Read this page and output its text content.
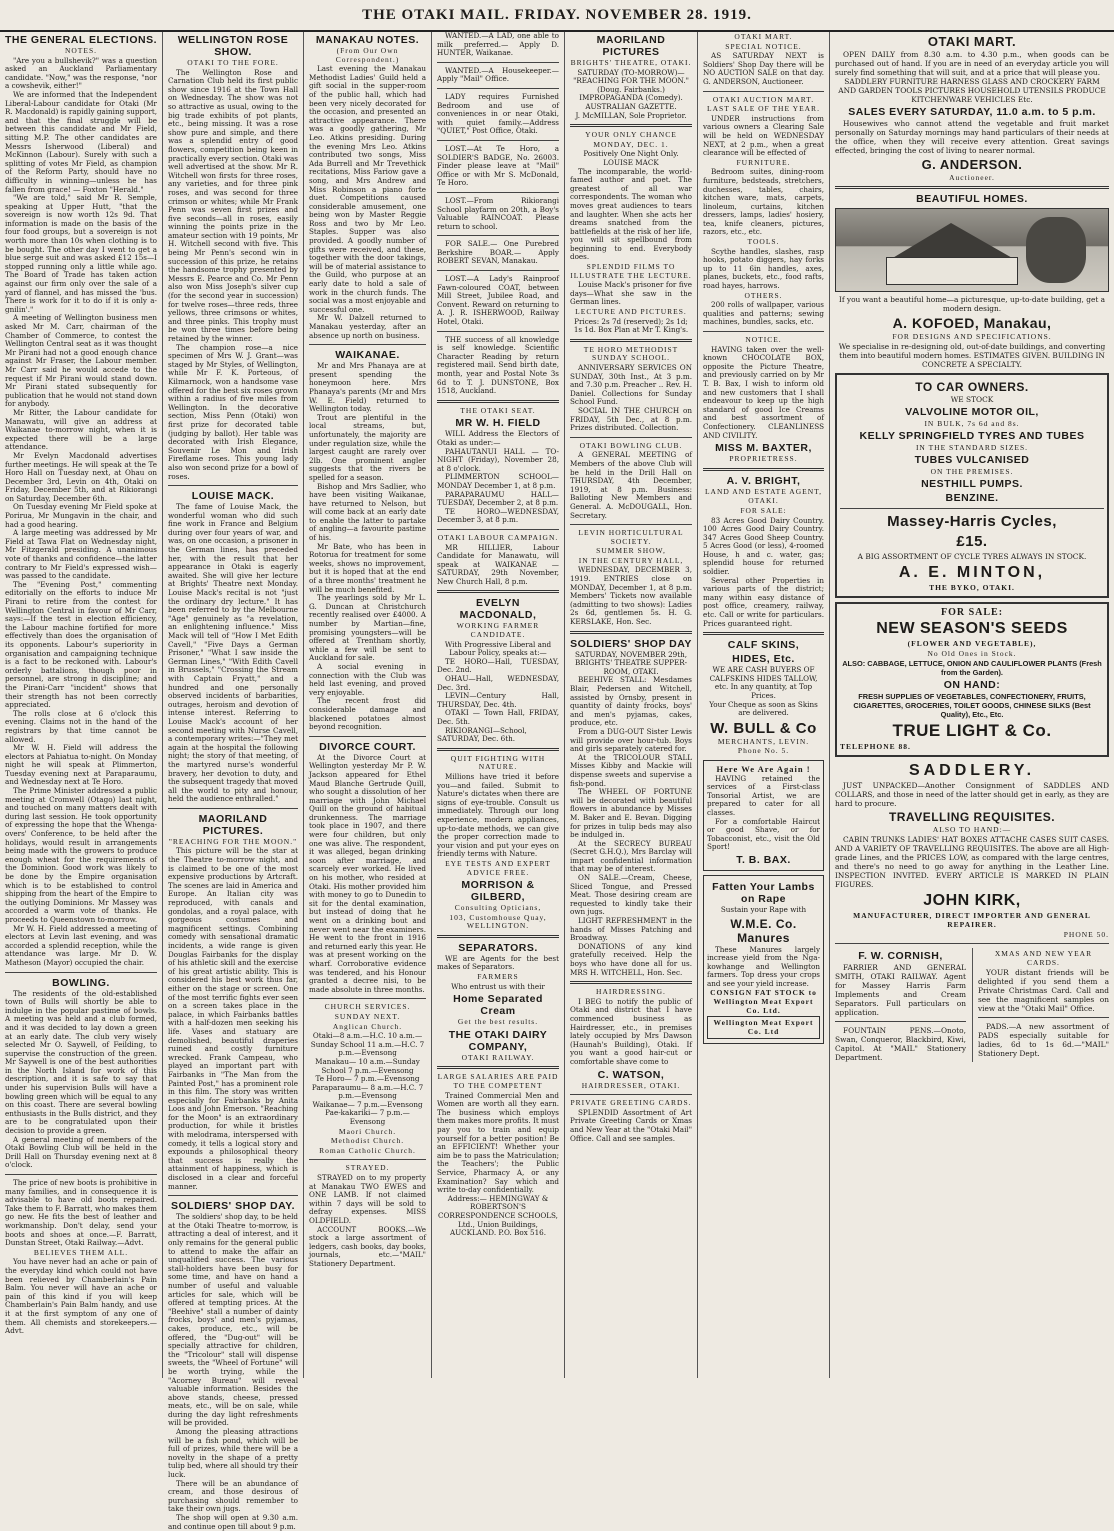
THE OTAKI MAIL. FRIDAY. NOVEMBER 28. 1919.
THE GENERAL ELECTIONS.
NOTES.

"Are you a bullshevik?" was a question asked an Auckland Parliamentary candidate. "Now," was the response, "nor a cowshevik, either!"

We are informed that the Independent Liberal-Labour candidate for Otaki (Mr R. Macdonald) is rapidly gaining support, and that the final struggle will be between this candidate and Mr Field, sitting M.P. The other candidates are Messrs Isherwood (Liberal) and McKinnon (Labour). Surely with such a splitting of votes Mr Field, as champion of the Reform Party, should have no difficulty in winning—unless he has fallen from grace! — Foxton "Herald."

"We are told," said Mr R. Semple, speaking at Upper Hutt, "that the sovereign is now worth 12s 9d. That information is made on the basis of the four food groups, but a sovereign is not worth more than 10s when clothing is to be bought. The other day I went to get a blue serge suit and was asked £12 15s—I stopped running only a little while ago. The Board of Trade has taken action against our firm only over the sale of a yard of flannel, and has missed the 'bus. There is work for it to do if it is only a-gnilin'."

A meeting of Wellington business men asked Mr M. Carr, chairman of the Chamber of Commerce, to contest the Wellington Central seat as it was thought Mr Pirani had not a good enough chance against Mr Fraser, the Labour member. Mr Carr said he would accede to the request if Mr Pirani would stand down. Mr Pirani stated subsequently for publication that he would not stand down for anybody.

Mr Ritter, the Labour candidate for Manawatu, will give an address at Waikanae to-morrow night, when it is expected there will be a large attendance.

Mr Evelyn Macdonald advertises further meetings. He will speak at the Te Horo Hall on Tuesday next, at Ohau on December 3rd, Levin on 4th, Otaki on Friday, December 5th, and at Rikiorangi on Saturday, December 6th.

On Tuesday evening Mr Field spoke at Porirua, Mr Mungavin in the chair, and had a good hearing.

A large meeting was addressed by Mr Field at Tawa Flat on Wednesday night, Mr Fitzgerald presiding. A unanimous vote of thanks and confidence—the latter contrary to Mr Field's expressed wish—was passed to the candidate.

The "Evening Post," commenting editorially on the efforts to induce Mr Pirani to retire from the contest for Wellington Central in favour of Mr Carr, says:—If the test in election efficiency, the Labour machine fortified for more effectively than does the organisation of its opponents. Labour's superiority in organisation and campaigning technique is a fact to be reckoned with. Labour's orderly battalions, though poor in personnel, are strong in discipline; and the Pirani-Carr "incident" shows that their strength has not been correctly appreciated.

The rolls close at 6 o'clock this evening. Claims not in the hand of the registrars by that time cannot be allowed.

Mr W. H. Field will address the electors at Pahiatua to-night. On Monday night he will speak at Plimmerton, Tuesday evening next at Paraparaumu, and Wednesday next at Te Horo.

The Prime Minister addressed a public meeting at Cromwell (Otago) last night, and touched on many matters dealt with during last session. He took opportunity of expressing the hope that the Whenga-overs' Conference, to be held after the holidays, would result in arrangements being made with the growers to produce enough wheat for the requirements of the Dominion. Good work was likely to be done by the Empire organisation which is to be established to control shipping from the heart of the Empire to the outlying Dominions. Mr Massey was accorded a warm vote of thanks. He proceeds to Queenstown to-morrow.

Mr W. H. Field addressed a meeting of electors at Levin last evening, and was accorded a splendid reception, while the attendance was large. Mr D. W. Matheson (Mayor) occupied the chair.

BOWLING.

The residents of the old-established town of Bulls will shortly be able to indulge in the popular pastime of bowls. A meeting was held and a club formed, and it was decided to lay down a green at an early date. The club very wisely selected Mr O. Saywell, of Feilding, to supervise the construction of the green. Mr Saywell is one of the best authorities in the North Island for work of this description, and it is safe to say that under his supervision Bulls will have a bowling green which will be equal to any on this coast. There are several bowling enthusiasts in the Bulls district, and they are to be congratulated upon their decision to provide a green.

A general meeting of members of the Otaki Bowling Club will be held in the Drill Hall on Thursday evening next at 8 o'clock.

The price of new boots is prohibitive in many families, and in consequence it is advisable to have old boots repaired. Take them to F. Barratt, who makes them go new. He fits the best of leather and workmanship. Don't delay, send your boots and shoes at once.—F. Barratt, Dunstan Street, Otaki Railway.—Advt.

BELIEVES THEM ALL.

You have never had an ache or pain of the everyday kind which could not have been relieved by Chamberlain's Pain Balm. You never will have an ache or pain of this kind if you will keep Chamberlain's Pain Balm handy, and use it at the first symptom of any one of them. All chemists and storekeepers.—Advt.

WELLINGTON ROSE SHOW.
OTAKI TO THE FORE.

The Wellington Rose and Carnation Club held its first public show since 1916 at the Town Hall on Wednesday. The show was not so attractive as usual, owing to the big trade exhibits of pot plants, etc., being missing. It was a rose show pure and simple, and there was a splendid entry of good flowers, competition being keen in practically every section. Otaki was well advertised at the show. Mr R. Witchell won firsts for three roses, any varieties, and for three pink roses, and was second for three crimson or whites; while Mr Frank Penn was seven first prizes and five seconds—all in roses, easily winning the points prize in the amateur section with 19 points, Mr H. Witchell second with five. This being Mr Penn's second win in succession of this prize, he retains the handsome trophy presented by Messrs E. Pearce and Co. Mr Penn also won Miss Joseph's silver cup (for the second year in succession) for twelve roses—three reds, three yellows, three crimsons or whites, and three pinks. This trophy must be won three times before being retained by the winner.

The champion rose—a nice specimen of Mrs W. J. Grant—was staged by Mr Styles, of Wellington, while Mr F. K. Porteous, of Kilmarnock, won a handsome vase offered for the best six roses grown within a radius of five miles from Wellington. In the decorative section, Miss Penn (Otaki) won first prize for decorated table (judging by ballot). Her table was decorated with Irish Elegance, Souvenir Le Mon and Irish Fireflame roses. This young lady also won second prize for a bowl of roses.

LOUISE MACK.

The fame of Louise Mack, the wonderful woman who did such fine work in France and Belgium during over four years of war, and was, on one occasion, a prisoner in the German lines, has preceded her, with the result that her appearance in Otaki is eagerly awaited. She will give her lecture at Brights' Theatre next Monday. Louise Mack's recital is not "just the ordinary dry lecture." It has been referred to by the Melbourne "Age" genuinely as "a revelation, an enlightening influence." Miss Mack will tell of "How I Met Edith Cavell," "Five Days a German Prisoner," "What I saw inside the German Lines," "With Edith Cavell in Brussels," "Crossing the Stream with Captain Fryatt," and a hundred and one personally observed incidents of barbarities, outrages, heroism and devotion of intense interest. Referring to Louise Mack's account of her second meeting with Nurse Cavell, a contemporary writes:—"They met again at the hospital the following night; the story of that meeting, of the martyred nurse's wonderful bravery, her devotion to duty, and the subsequent tragedy that moved all the world to pity and honour, held the audience enthralled."

MAORILAND PICTURES.
"REACHING FOR THE MOON."

This picture will be the star at the Theatre to-morrow night, and is claimed to be one of the most expensive productions by Artcraft. The scenes are laid in America and Europe. An Italian city was reproduced, with canals and gondolas, and a royal palace, with gorgeous costumes and magnificent settings. Combining comedy with sensational dramatic incidents, a wide range is given Douglas Fairbanks for the display of his athletic skill and the exercise of his great artistic ability. This is considered his best work thus far, either on the stage or screen. One of the most terrific fights ever seen on a screen takes place in the palace, in which Fairbanks battles with a half-dozen men seeking his life. Vases and statuary are demolished, beautiful draperies ruined and costly furniture wrecked. Frank Campeau, who played an important part with Fairbanks in "The Man from the Painted Post," has a prominent role in this film. The story was written especially for Fairbanks by Anita Loos and John Emerson. "Reaching for the Moon" is an extraordinary production, for while it bristles with melodrama, interspersed with comedy, it tells a logical story and expounds a philosophical theory that success is really the attainment of happiness, which is disclosed in a clear and forceful manner.

SOLDIERS' SHOP DAY.

The soldiers' shop day, to be held at the Otaki Theatre to-morrow, is attracting a deal of interest, and it only remains for the general public to attend to make the affair an unqualified success. The various stall-holders have been busy for some time, and have on hand a number of useful and valuable articles for sale, which will be offered at tempting prices. At the "Beehive" stall a number of dainty frocks, boys' and men's pyjamas, cakes, produce, etc., will be offered, the "Dug-out" will be specially attractive for children, the "Tricolour" stall will dispense sweets, the "Wheel of Fortune" will be worth trying, while the "Acorney Bureau" will reveal valuable information. Besides the above stands, cheese, pressed meats, etc., will be on sale, while during the day light refreshments will be provided.

Among the pleasing attractions will be a fish pond, which will be full of prizes, while there will be a novelty in the shape of a pretty tulip bed, where all should try their luck.

There will be an abundance of cream, and those desirous of purchasing should remember to take their own jugs.

The shop will open at 9.30 a.m. and continue open till about 9 p.m.

MANAKAU NOTES.
(From Our Own Correspondent.)

Last evening the Manakau Methodist Ladies' Guild held a gift social in the supper-room of the public hall, which had been very nicely decorated for the occasion, and presented an attractive appearance. There was a goodly gathering, Mr Leo. Atkins presiding. During the evening Mrs Leo. Atkins contributed two songs, Miss Ada Burrell and Mr Trevethick recitations, Miss Fariow gave a song, and Mrs Andrew and Miss Robinson a piano forte duet. Competitions caused considerable amusement, one being won by Master Reggie Ross and two by Mr Leo. Staples. Supper was also provided. A goodly number of gifts were received, and these, together with the door takings, will be of material assistance to the Guild, who purpose at an early date to hold a sale of work in the church funds. The social was a most enjoyable and successful one.

Mr W. Dalzell returned to Manakau yesterday, after an absence up north on business.

WAIKANAE.

Mr and Mrs Phanaya are at present spending the honeymoon here. Mrs Phanaya's parents (Mr and Mrs W. E. Field) returned to Wellington today.

Trout are plentiful in the local streams, but, unfortunately, the majority are under regulation size, while the largest caught are rarely over 2lb. One prominent angler suggests that the rivers be spelled for a season.

Bishop and Mrs Sadlier, who have been visiting Waikanae, have returned to Nelson, but will come back at an early date to enable the latter to partake of angling—a favourite pastime of his.

Mr Bate, who has been in Rotorua for treatment for some weeks, shows no improvement, but it is hoped that at the end of a three months' treatment he will be much benefited.

The yearlings sold by Mr L. G. Duncan at Christchurch recently realised over £4000. A number by Martian—fine, promising youngsters—will be offered at Trentham shortly, while a few will be sent to Auckland for sale.

A social evening in connection with the Club was held last evening, and proved very enjoyable.

The recent frost did considerable damage and blackened potatoes almost beyond recognition.

DIVORCE COURT.

At the Divorce Court at Wellington yesterday Mr P. W. Jackson appeared for Ethel Maud Blanche Gertrude Quill, who sought a dissolution of her marriage with John Michael Quill on the ground of habitual drunkenness. The marriage took place in 1907, and there were four children, but only one was alive. The respondent, it was alleged, began drinking soon after marriage, and scarcely ever worked. He lived on his mother, who resided at Otaki. His mother provided him with money to go to Dunedin to sit for the dental examination, but instead of doing that he went on a drinking bout and never went near the examiners. He went to the front in 1916 and returned early this year. He was at present working on the wharf. Corroborative evidence was tendered, and his Honour granted a decree nisi, to be made absolute in three months.

CHURCH SERVICES.
SUNDAY NEXT.
Anglican Church.

Otaki—8 a.m.—H.C. 10 a.m.—Sunday School 11 a.m.—H.C. 7 p.m.—Evensong

Manakau— 10 a.m.—Sunday School 7 p.m.—Evensong

Te Horo— 7 p.m.—Evensong

Paraparaumu— 8 a.m.—H.C. 7 p.m.—Evensong

Waikanae— 7 p.m.—Evensong

Pae-kakariki— 7 p.m.—Evensong

Maori Church.
Methodist Church.
Roman Catholic Church.
STRAYED.

STRAYED on to my property at Manakau TWO EWES and ONE LAMB. If not claimed within 7 days will be sold to defray expenses. MISS OLDFIELD.

ACCOUNT BOOKS.—We stock a large assortment of ledgers, cash books, day books, journals, etc.—"MAIL" Stationery Department.

WANTED.—A LAD, one able to milk preferred.— Apply D. HUNTER, Waikanae.

WANTED.—A Housekeeper.—Apply "Mail" Office.

LADY requires Furnished Bedroom and use of conveniences in or near Otaki, with quiet family.—Address "QUIET," Post Office, Otaki.

LOST.—At Te Horo, a SOLDIER'S BADGE, No. 26003. Finder please leave at "Mail" Office or with Mr S. McDonald, Te Horo.

LOST.—From Rikiorangi School playfarm on 20th, a Boy's Valuable RAINCOAT. Please return to school.

FOR SALE.— One Purebred Berkshire BOAR.— Apply ROBERT SEVAN, Manakau.

LOST.—A Lady's Rainproof Fawn-coloured COAT, between Mill Street, Jubilee Road, and Convent. Reward on returning to A. J. R. ISHERWOOD, Railway Hotel, Otaki.

THE success of all knowledge is self knowledge. Scientific Character Reading by return registered mail. Send birth date, month, year and Postal Note 3s 6d to T. J. DUNSTONE, Box 1518, Auckland.

THE OTAKI SEAT.
MR W. H. FIELD

WILL Address the Electors of Otaki as under:—

PAHAUTANUI HALL — TO-NIGHT (Friday), November 28, at 8 o'clock.

PLIMMERTON SCHOOL—MONDAY December 1, at 8 p.m.

PARAPARAUMU HALL—TUESDAY, December 2, at 8 p.m.

TE HORO—WEDNESDAY, December 3, at 8 p.m.

OTAKI LABOUR CAMPAIGN.

MR HILLIER, Labour Candidate for Manawatu, will speak at WAIKANAE — SATURDAY, 29th November, New Church Hall, 8 p.m.

EVELYN MACDONALD,
WORKING FARMER CANDIDATE.

With Progressive Liberal and Labour Policy, speaks at:—

TE HORO—Hall, TUESDAY, Dec. 2nd.

OHAU—Hall, WEDNESDAY, Dec. 3rd.

LEVIN—Century Hall, THURSDAY, Dec. 4th.

OTAKI — Town Hall, FRIDAY, Dec. 5th.

RIKIORANGI—School, SATURDAY, Dec. 6th.

QUIT FIGHTING WITH NATURE.

Millions have tried it before you—and failed. Submit to Nature's dictates when there are signs of eye-trouble. Consult us immediately. Through our long experience, modern appliances, up-to-date methods, we can give the proper correction made to your vision and put your eyes on friendly terms with Nature.

EYE TESTS AND EXPERT ADVICE FREE.
MORRISON & GILBERD,
Consulting Opticians,
103, Customhouse Quay, WELLINGTON.
SEPARATORS.

WE are Agents for the best makes of Separators.

FARMERS

Who entrust us with their

Home Separated Cream
Get the best results.
THE OTAKI DAIRY COMPANY,
OTAKI RAILWAY.
LARGE SALARIES ARE PAID TO THE COMPETENT

Trained Commercial Men and Women are worth all they earn. The business which employs them makes more profits. It must pay you to train and equip yourself for a better position! Be an EFFICIENT! Whether your aim be to pass the Matriculation; the Teachers'; the Public Service, Pharmacy A, or any Examination? Say which and write to-day confidentially.

Address:— HEMINGWAY & ROBERTSON'S CORRESPONDENCE SCHOOLS, Ltd., Union Buildings, AUCKLAND. P.O. Box 516.

MAORILAND PICTURES
BRIGHTS' THEATRE, OTAKI.

SATURDAY (TO-MORROW)—

"REACHING FOR THE MOON."

(Doug. Fairbanks.)

IMPROPAGANDA (Comedy).

AUSTRALIAN GAZETTE.

J. McMILLAN, Sole Proprietor.

YOUR ONLY CHANCE
MONDAY, DEC. 1.

Positively One Night Only.

LOUISE MACK

The incomparable, the world-famed author and poet. The greatest of all war correspondents. The woman who moves great audiences to tears and laughter. When she acts her dreams snatched from the battlefields at the risk of her life, you will sit spellbound from beginning to end. Everybody does.

SPLENDID FILMS TO ILLUSTRATE THE LECTURE.

Louise Mack's prisoner for five days—What she saw in the German lines.

LECTURE AND PICTURES.

Prices: 2s 7d (reserved); 2s 1d; 1s 1d. Box Plan at Mr T. King's.

TE HORO METHODIST SUNDAY SCHOOL.

ANNIVERSARY SERVICES ON SUNDAY, 30th Inst., At 3 p.m. and 7.30 p.m. Preacher .. Rev. H. Daniel. Collections for Sunday School Fund.

SOCIAL IN THE CHURCH on FRIDAY, 5th Dec., at 8 p.m. Prizes distributed. Collection.

OTAKI BOWLING CLUB.

A GENERAL MEETING of Members of the above Club will be held in the Drill Hall on THURSDAY, 4th December, 1919, at 8 p.m. Business: Balloting New Members and General. A. McDOUGALL, Hon. Secretary.

LEVIN HORTICULTURAL SOCIETY.
SUMMER SHOW,
IN THE CENTURY HALL,

WEDNESDAY, DECEMBER 3, 1919. ENTRIES close on MONDAY, December 1, at 8 p.m. Members' Tickets now available (admitting to two shows): Ladies 2s 6d, gentlemen 5s. H. G. KERSLAKE, Hon. Sec.

SOLDIERS' SHOP DAY

SATURDAY, NOVEMBER 29th, BRIGHTS' THEATRE SUPPER-ROOM, OTAKI.

BEEHIVE STALL: Mesdames Blair, Pedersen and Witchell, assisted by Ornsby, present in quantity of dainty frocks, boys' and men's pyjamas, cakes, produce, etc.

From a DUG-OUT Sister Lewis will provide over hour-tub. Boys and girls separately catered for.

At the TRICOLOUR STALL Misses Kibby and Mackie will dispense sweets and supervise a fish-pond.

The WHEEL OF FORTUNE will be decorated with beautiful flowers in abundance by Misses M. Baker and E. Bevan. Digging for prizes in tulip beds may also be indulged in.

At the SECRECY BUREAU (Secret G.H.Q.), Mrs Barclay will impart confidential information that may be of interest.

ON SALE.—Cream, Cheese, Sliced Tongue, and Pressed Meat. Those desiring cream are requested to kindly take their own jugs.

LIGHT REFRESHMENT in the hands of Misses Patching and Broadway.

DONATIONS of any kind gratefully received. Help the boys who have done all for us. MRS H. WITCHELL, Hon. Sec.

HAIRDRESSING.

I BEG to notify the public of Otaki and district that I have commenced business as Hairdresser, etc., in premises lately occupied by Mrs Dawson (Haunah's Building), Otaki. If you want a good hair-cut or comfortable shave come to

C. WATSON,
HAIRDRESSER, OTAKI.
PRIVATE GREETING CARDS.

SPLENDID Assortment of Art Private Greeting Cards or Xmas and New Year at the "Otaki Mail" Office. Call and see samples.

OTAKI MART.
SPECIAL NOTICE.

AS SATURDAY NEXT is Soldiers' Shop Day there will be NO AUCTION SALE on that day. G. ANDERSON, Auctioneer.

OTAKI AUCTION MART.
LAST SALE OF THE YEAR.

UNDER instructions from various owners a Clearing Sale will be held on WEDNESDAY NEXT, at 2 p.m., when a great clearance will be effected of

FURNITURE.

Bedroom suites, dining-room furniture, bedsteads, stretchers, duchesses, tables, chairs, kitchen ware, mats, carpets, linoleum, curtains, kitchen dressers, lamps, ladies' hosiery, tea, knife cleaners, pictures, razors, etc., etc.

TOOLS.

Scythe handles, slashes, rasp hooks, potato diggers, hay forks up to 11 6in handles, axes, planes, buckets, etc., food rafts, road hayes, harrows.

OTHERS.

200 rolls of wallpaper, various qualities and patterns; sewing machines, bundles, sacks, etc.

NOTICE.

HAVING taken over the well-known CHOCOLATE BOX, opposite the Picture Theatre, and previously carried on by Mr T. B. Bax, I wish to inform old and new customers that I shall endeavour to keep up the high standard of good Ice Creams and best assortment of Confectionery. CLEANLINESS AND CIVILITY.

MISS M. BAXTER,
PROPRIETRESS.
A. V. BRIGHT,
LAND AND ESTATE AGENT,
OTAKI.
FOR SALE:

83 Acres Good Dairy Country. 100 Acres Good Dairy Country. 347 Acres Good Sheep Country. 5 Acres Good (or less), 4-roomed House, h and c. water, gas; splendid house for returned soldier.

Several other Properties in various parts of the district; many within easy distance of post office, creamery, railway, etc. Call or write for particulars. Prices guaranteed right.

CALF SKINS,
HIDES, Etc.

WE ARE CASH BUYERS OF CALFSKINS HIDES TALLOW, etc. In any quantity, at Top Prices.

Your Cheque as soon as Skins are delivered.

W. BULL & Co
MERCHANTS, LEVIN.
Phone No. 5.
Here We Are Again !

HAVING retained the services of a First-class Tonsorial Artist, we are prepared to cater for all classes.

For a comfortable Haircut or good Shave, or for Tobacconist, etc., visit the Old Sport!

T. B. BAX.
Fatten Your Lambs on Rape

Sustain your Rape with

W.M.E. Co. Manures

These Manures largely increase yield from the Nga-kowhange and Wellington farmers. Top dress your crops and see your yield increase.

CONSIGN FAT STOCK to Wellington Meat Export Co. Ltd.
Wellington Meat Export Co. Ltd
OTAKI MART.

OPEN DAILY from 8.30 a.m. to 4.30 p.m., when goods can be purchased out of hand. If you are in need of an everyday article you will surely find something that will suit, and at a price that will please you.

SADDLERY FURNITURE HARNESS GLASS AND CROCKERY FARM AND GARDEN TOOLS PICTURES HOUSEHOLD UTENSILS PRODUCE KITCHENWARE VEHICLES Etc.

SALES EVERY SATURDAY, 11.0 a.m. to 5 p.m.

Housewives who cannot attend the vegetable and fruit market personally on Saturday mornings may hand particulars of their needs at the office, when they will receive every attention. Great savings effected, bringing the cost of living to nearer normal.

G. ANDERSON.
Auctioneer.
BEAUTIFUL HOMES.

If you want a beautiful home—a picturesque, up-to-date building, get a modern design.

A. KOFOED, Manakau,
FOR DESIGNS AND SPECIFICATIONS.

We specialise in re-designing old, out-of-date buildings, and converting them into beautiful modern homes. ESTIMATES GIVEN. BUILDING IN CONCRETE A SPECIALTY.

TO CAR OWNERS.

WE STOCK

VALVOLINE MOTOR OIL,
IN BULK, 7s 6d and 8s.
KELLY SPRINGFIELD TYRES AND TUBES
IN THE STANDARD SIZES.
TUBES VULCANISED
ON THE PREMISES.
NESTHILL PUMPS.
BENZINE.
Massey-Harris Cycles,
£15.

A BIG ASSORTMENT OF CYCLE TYRES ALWAYS IN STOCK.

A. E. MINTON,
THE BYKO, OTAKI.
FOR SALE:
NEW SEASON'S SEEDS
(FLOWER AND VEGETABLE),
No Old Ones in Stock.

ALSO: CABBAGE, LETTUCE, ONION AND CAULIFLOWER PLANTS (Fresh from the Garden).

ON HAND:

FRESH SUPPLIES OF VEGETABLES, CONFECTIONERY, FRUITS, CIGARETTES, GROCERIES, TOILET GOODS, CHINESE SILKS (Best Quality), Etc., Etc.

TRUE LIGHT & Co.
TELEPHONE 88.
SADDLERY.

JUST UNPACKED—Another Consignment of SADDLES AND COLLARS, and those in need of the latter should get in early, as they are hard to procure.

TRAVELLING REQUISITES.
ALSO TO HAND:—

CABIN TRUNKS LADIES' HAT BOXES ATTACHE CASES SUIT CASES. AND A VARIETY OF TRAVELLING REQUISITES. The above are all High-grade Lines, and the PRICES LOW, as compared with the large centres, and there's no need to go away for anything in the Leather Line. INSPECTION INVITED. EVERY ARTICLE IS MARKED IN PLAIN FIGURES.

JOHN KIRK,
MANUFACTURER, DIRECT IMPORTER AND GENERAL REPAIRER.
PHONE 50.
F. W. CORNISH,

FARRIER AND GENERAL SMITH, OTAKI RAILWAY. Agent for Massey Harris Farm Implements and Cream Separators. Full particulars on application.

FOUNTAIN PENS.—Onoto, Swan, Conqueror, Blackbird, Kiwi, Capitol. At "MAIL" Stationery Department.

XMAS AND NEW YEAR CARDS.

YOUR distant friends will be delighted if you send them a Private Christmas Card. Call and see the magnificent samples on view at the "Otaki Mail" Office.

PADS.—A new assortment of PADS especially suitable for ladies, 6d to 1s 6d.—"MAIL" Stationery Dept.
